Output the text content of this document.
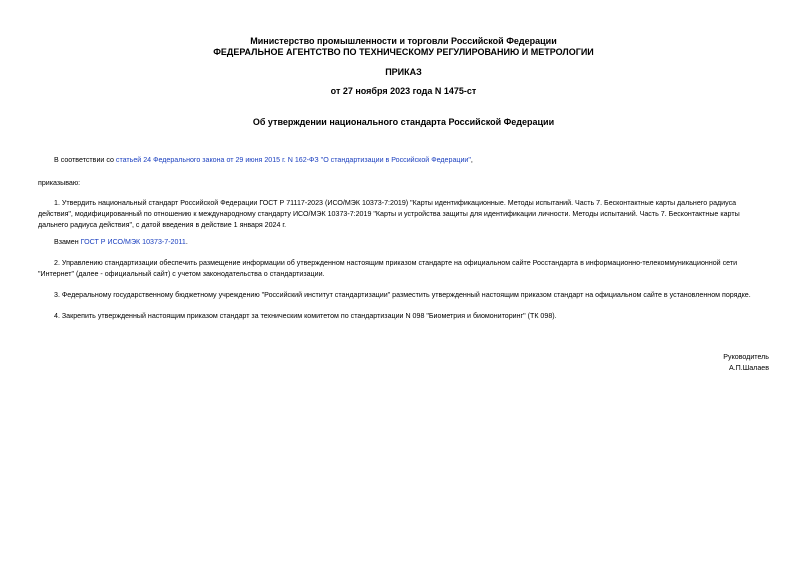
Министерство промышленности и торговли Российской Федерации
ФЕДЕРАЛЬНОЕ АГЕНТСТВО ПО ТЕХНИЧЕСКОМУ РЕГУЛИРОВАНИЮ И МЕТРОЛОГИИ
ПРИКАЗ
от 27 ноября 2023 года N 1475-ст
Об утверждении национального стандарта Российской Федерации
В соответствии со статьей 24 Федерального закона от 29 июня 2015 г. N 162-ФЗ "О стандартизации в Российской Федерации",
приказываю:
1. Утвердить национальный стандарт Российской Федерации ГОСТ Р 71117-2023 (ИСО/МЭК 10373-7:2019) "Карты идентификационные. Методы испытаний. Часть 7. Бесконтактные карты дальнего радиуса
действия", модифицированный по отношению к международному стандарту ИСО/МЭК 10373-7:2019 "Карты и устройства защиты для идентификации личности. Методы испытаний. Часть 7. Бесконтактные карты
дальнего радиуса действия", с датой введения в действие 1 января 2024 г.
Взамен ГОСТ Р ИСО/МЭК 10373-7-2011.
2. Управлению стандартизации обеспечить размещение информации об утвержденном настоящим приказом стандарте на официальном сайте Росстандарта в информационно-телекоммуникационной сети
"Интернет" (далее - официальный сайт) с учетом законодательства о стандартизации.
3. Федеральному государственному бюджетному учреждению "Российский институт стандартизации" разместить утвержденный настоящим приказом стандарт на официальном сайте в установленном порядке.
4. Закрепить утвержденный настоящим приказом стандарт за техническим комитетом по стандартизации N 098 "Биометрия и биомониторинг" (ТК 098).
Руководитель
А.П.Шалаев
